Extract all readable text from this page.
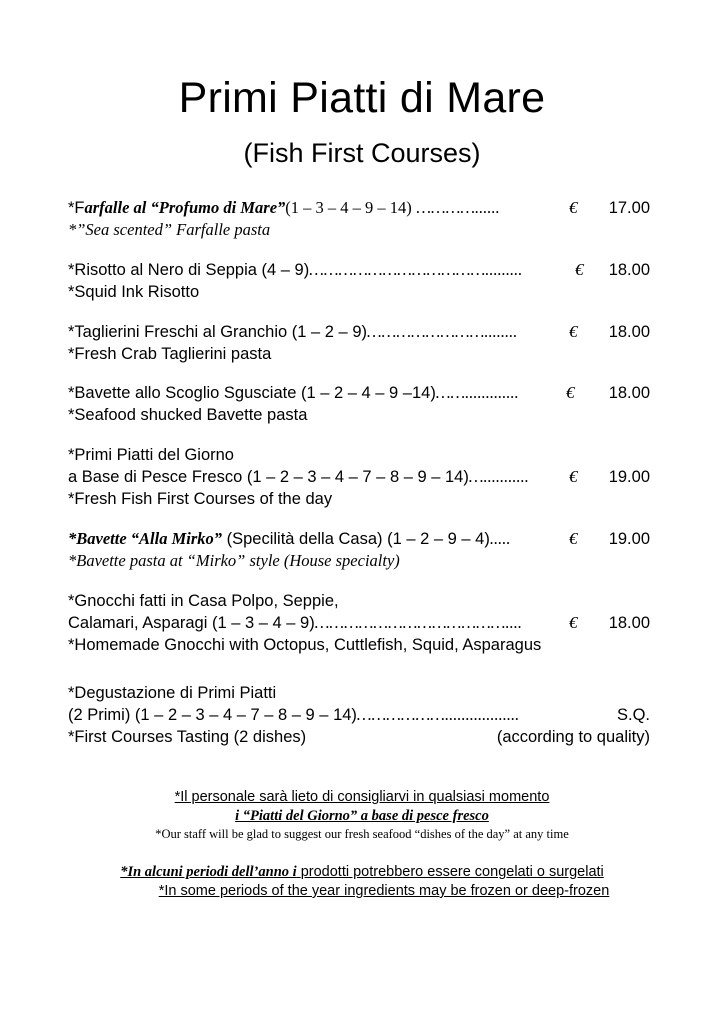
Primi Piatti di Mare
(Fish First Courses)
*Farfalle al “Profumo di Mare”(1 – 3 – 4 – 9 – 14) …………......	€ 17.00
*”Sea scented” Farfalle pasta
*Risotto al Nero di Seppia (4 – 9)……………………………….........	€ 18.00
*Squid Ink Risotto
*Taglierini Freschi al Granchio (1 – 2 – 9)……………………........	€ 18.00
*Fresh Crab Taglierini pasta
*Bavette allo Scoglio Sgusciate (1 – 2 – 4 – 9 –14)…….............	€ 18.00
*Seafood shucked Bavette pasta
*Primi Piatti del Giorno
a Base di Pesce Fresco (1 – 2 – 3 – 4 – 7 – 8 – 9 – 14)…........... € 19.00
*Fresh Fish First Courses of the day
*Bavette “Alla Mirko” (Specilità della Casa) (1 – 2 – 9 – 4).....	€ 19.00
*Bavette pasta at “Mirko” style (House specialty)
*Gnocchi fatti in Casa Polpo, Seppie,
Calamari, Asparagi (1 – 3 – 4 – 9)…………………………………....	€ 18.00
*Homemade Gnocchi with Octopus, Cuttlefish, Squid, Asparagus
*Degustazione di Primi Piatti
(2 Primi) (1 – 2 – 3 – 4 – 7 – 8 – 9 – 14)………………..................	S.Q.
*First Courses Tasting (2 dishes)	(according to quality)
*Il personale sarà lieto di consigliarvi in qualsiasi momento
i “Piatti del Giorno” a base di pesce fresco
*Our staff will be glad to suggest our fresh seafood “dishes of the day” at any time
*In alcuni periodi dell’anno i prodotti potrebbero essere congelati o surgelati
*In some periods of the year ingredients may be frozen or deep-frozen
